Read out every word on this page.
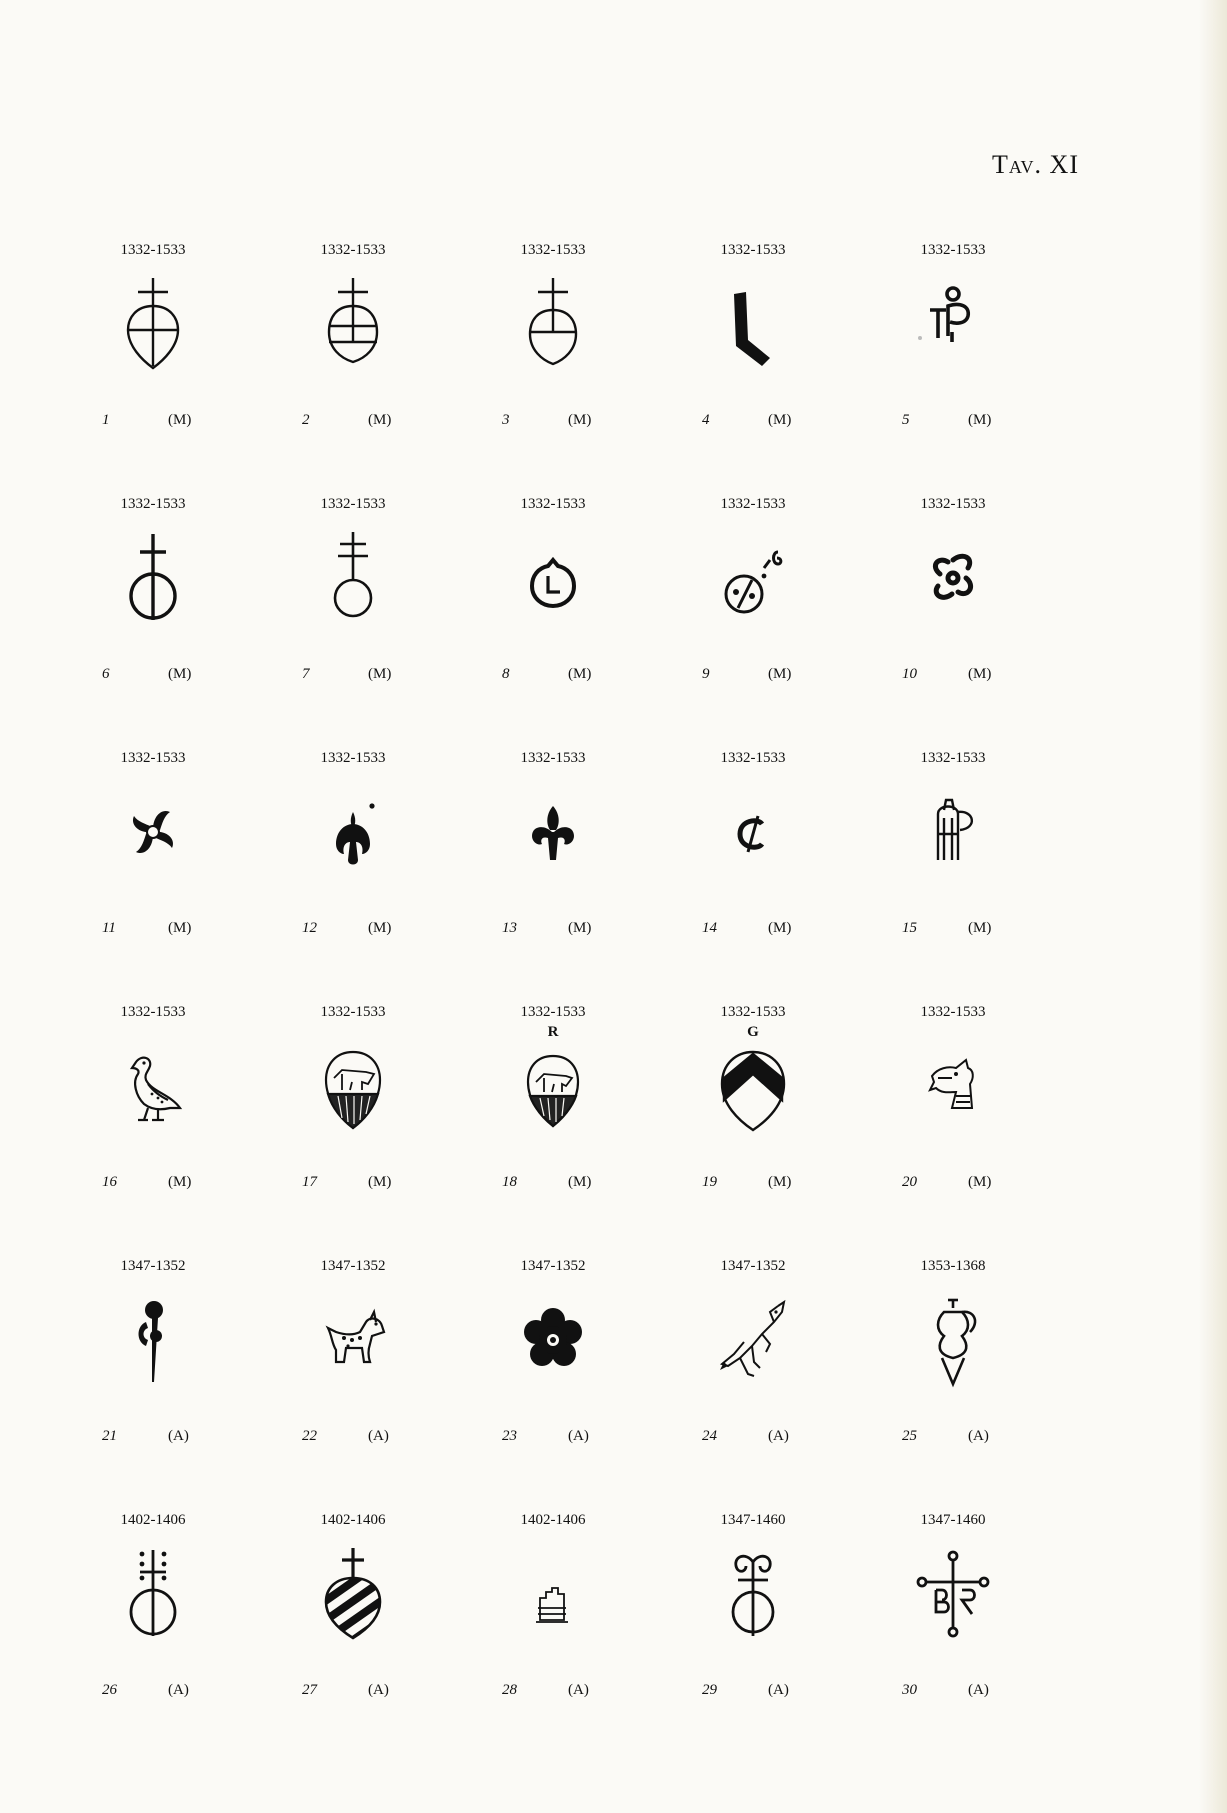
Tav. XI
1332-1533
1	(M)
1332-1533
2	(M)
1332-1533
3	(M)
1332-1533
4	(M)
1332-1533
5	(M)
1332-1533
6	(M)
1332-1533
7	(M)
1332-1533
8	(M)
1332-1533
9	(M)
1332-1533
10	(M)
1332-1533
11	(M)
1332-1533
12	(M)
1332-1533
13	(M)
1332-1533
14	(M)
1332-1533
15	(M)
1332-1533
16	(M)
1332-1533
17	(M)
1332-1533
R
18	(M)
1332-1533
G
19	(M)
1332-1533
20	(M)
1347-1352
21	(A)
1347-1352
22	(A)
1347-1352
23	(A)
1347-1352
24	(A)
1353-1368
25	(A)
1402-1406
26	(A)
1402-1406
27	(A)
1402-1406
28	(A)
1347-1460
29	(A)
1347-1460
30	(A)
